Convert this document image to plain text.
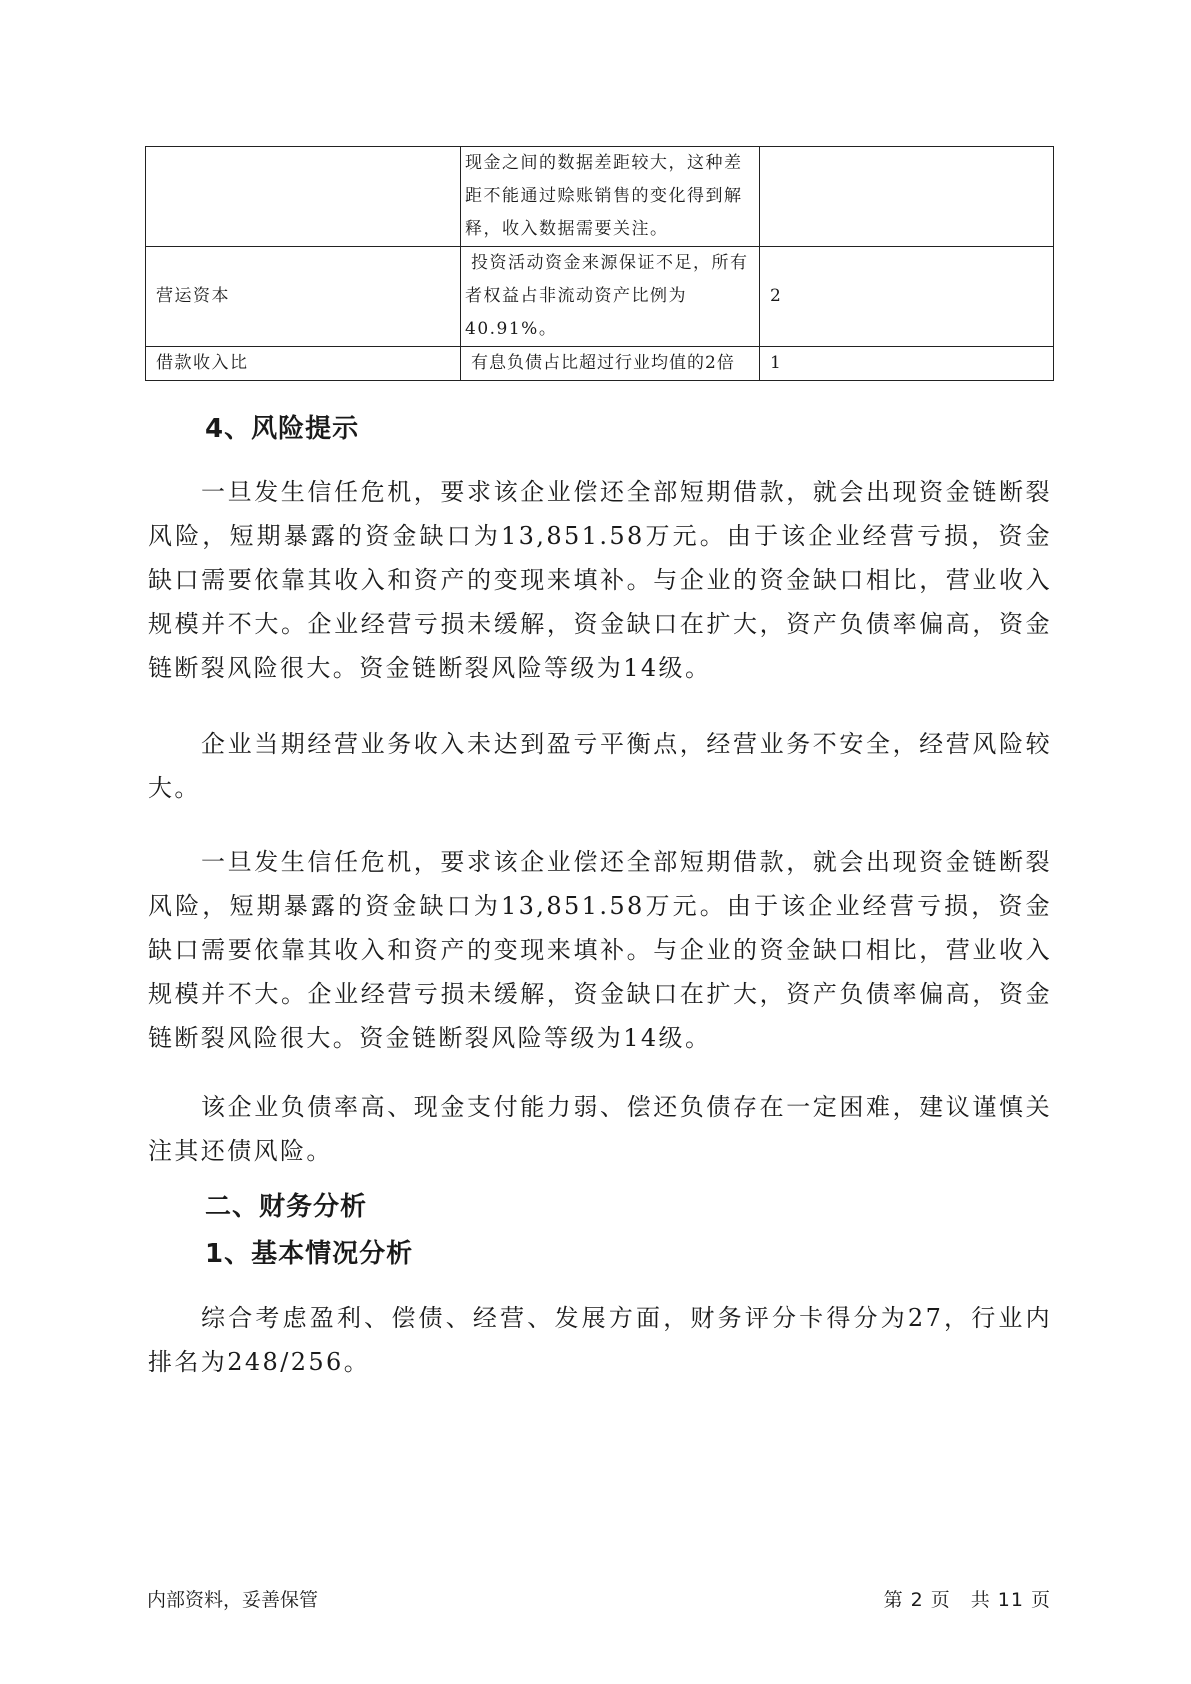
	现金之间的数据差距较大，这种差距不能通过赊账销售的变化得到解释，收入数据需要关注。	
营运资本	投资活动资金来源保证不足，所有者权益占非流动资产比例为40.91%。	2
借款收入比	有息负债占比超过行业均值的2倍	1
4、风险提示

一旦发生信任危机，要求该企业偿还全部短期借款，就会出现资金链断裂风险，短期暴露的资金缺口为13,851.58万元。由于该企业经营亏损，资金缺口需要依靠其收入和资产的变现来填补。与企业的资金缺口相比，营业收入规模并不大。企业经营亏损未缓解，资金缺口在扩大，资产负债率偏高，资金链断裂风险很大。资金链断裂风险等级为14级。

企业当期经营业务收入未达到盈亏平衡点，经营业务不安全，经营风险较大。

一旦发生信任危机，要求该企业偿还全部短期借款，就会出现资金链断裂风险，短期暴露的资金缺口为13,851.58万元。由于该企业经营亏损，资金缺口需要依靠其收入和资产的变现来填补。与企业的资金缺口相比，营业收入规模并不大。企业经营亏损未缓解，资金缺口在扩大，资产负债率偏高，资金链断裂风险很大。资金链断裂风险等级为14级。

该企业负债率高、现金支付能力弱、偿还负债存在一定困难，建议谨慎关注其还债风险。

二、财务分析
1、基本情况分析

综合考虑盈利、偿债、经营、发展方面，财务评分卡得分为27，行业内排名为248/256。

内部资料，妥善保管	第 2 页　共 11 页
